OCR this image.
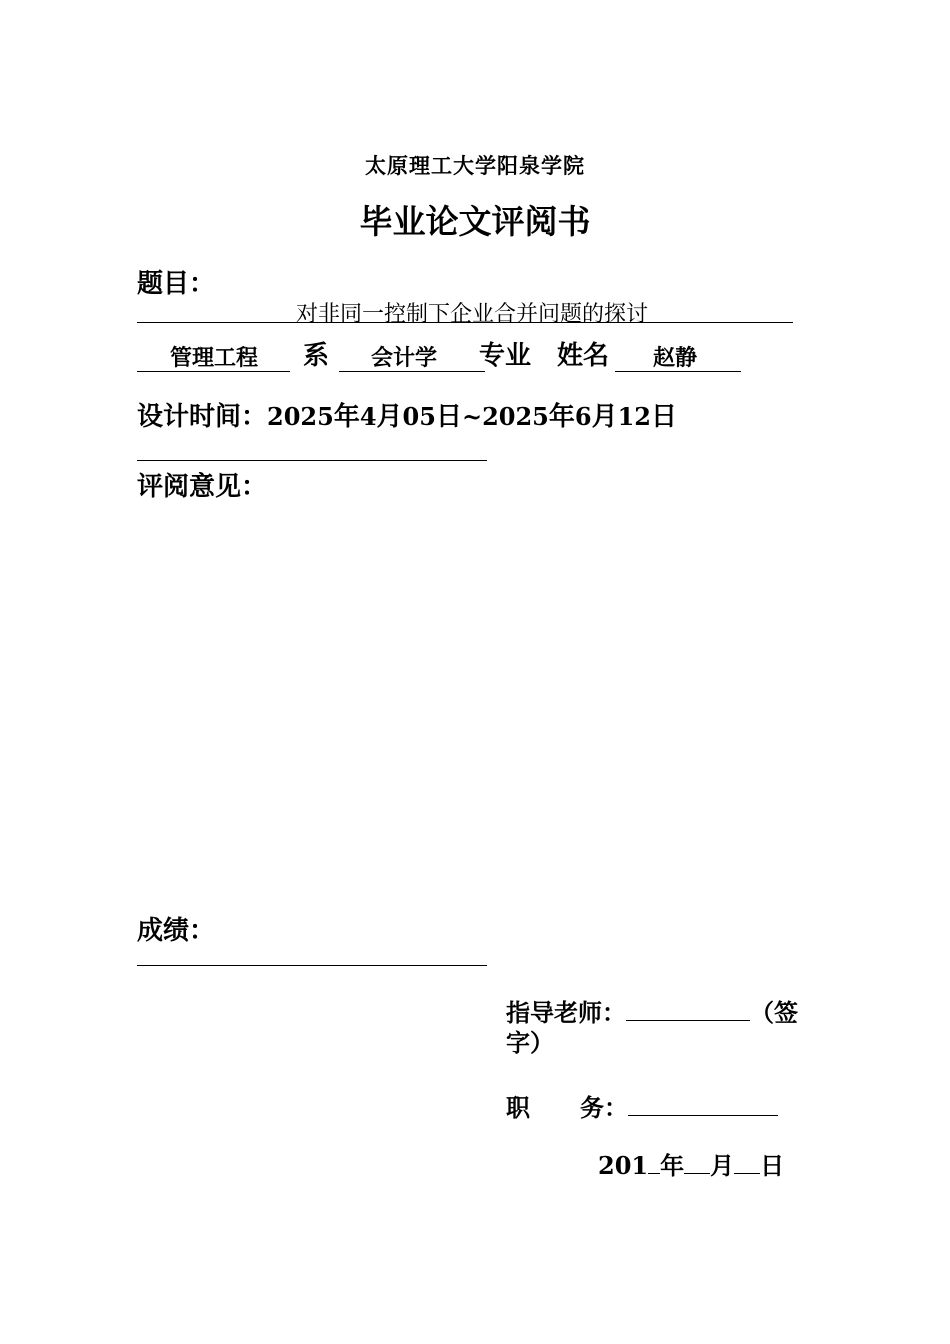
太原理工大学阳泉学院
毕业论文评阅书
题目：
对非同一控制下企业合并问题的探讨
管理工程	系	会计学	专业 姓名	赵静
设计时间：2025年4月05日~2025年6月12日
评阅意见：
成绩：
指导老师：	（签字）
职 务：
201 年 月 日
